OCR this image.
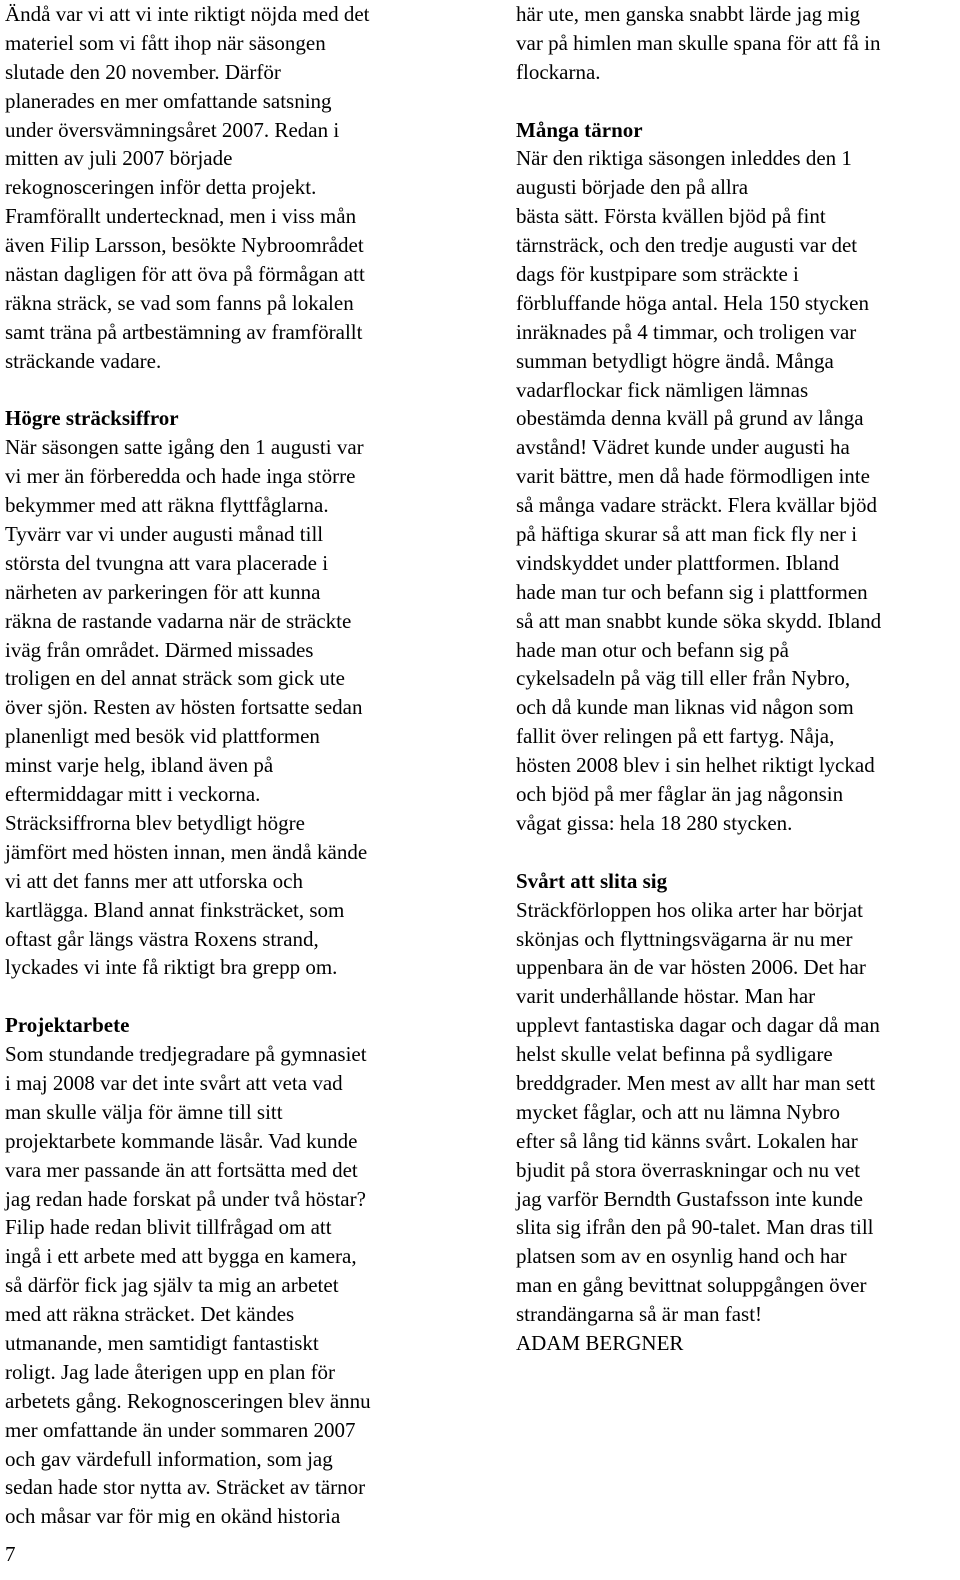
Ändå var vi att vi inte riktigt nöjda med det
materiel som vi fått ihop när säsongen
slutade den 20 november. Därför
planerades en mer omfattande satsning
under översvämningsåret 2007. Redan i
mitten av juli 2007 började
rekognosceringen inför detta projekt.
Framförallt undertecknad, men i viss mån
även Filip Larsson, besökte Nybroområdet
nästan dagligen för att öva på förmågan att
räkna sträck, se vad som fanns på lokalen
samt träna på artbestämning av framförallt
sträckande vadare.
Högre sträcksiffror
När säsongen satte igång den 1 augusti var
vi mer än förberedda och hade inga större
bekymmer med att räkna flyttfåglarna.
Tyvärr var vi under augusti månad till
största del tvungna att vara placerade i
närheten av parkeringen för att kunna
räkna de rastande vadarna när de sträckte
iväg från området. Därmed missades
troligen en del annat sträck som gick ute
över sjön. Resten av hösten fortsatte sedan
planenligt med besök vid plattformen
minst varje helg, ibland även på
eftermiddagar mitt i veckorna.
Sträcksiffrorna blev betydligt högre
jämfört med hösten innan, men ändå kände
vi att det fanns mer att utforska och
kartlägga. Bland annat finksträcket, som
oftast går längs västra Roxens strand,
lyckades vi inte få riktigt bra grepp om.
Projektarbete
Som stundande tredjegradare på gymnasiet
i maj 2008 var det inte svårt att veta vad
man skulle välja för ämne till sitt
projektarbete kommande läsår. Vad kunde
vara mer passande än att fortsätta med det
jag redan hade forskat på under två höstar?
Filip hade redan blivit tillfrågad om att
ingå i ett arbete med att bygga en kamera,
så därför fick jag själv ta mig an arbetet
med att räkna sträcket. Det kändes
utmanande, men samtidigt fantastiskt
roligt. Jag lade återigen upp en plan för
arbetets gång. Rekognosceringen blev ännu
mer omfattande än under sommaren 2007
och gav värdefull information, som jag
sedan hade stor nytta av. Sträcket av tärnor
och måsar var för mig en okänd historia
här ute, men ganska snabbt lärde jag mig
var på himlen man skulle spana för att få in
flockarna.
Många tärnor
När den riktiga säsongen inleddes den 1
augusti började den på allra
bästa sätt. Första kvällen bjöd på fint
tärnsträck, och den tredje augusti var det
dags för kustpipare som sträckte i
förbluffande höga antal. Hela 150 stycken
inräknades på 4 timmar, och troligen var
summan betydligt högre ändå. Många
vadarflockar fick nämligen lämnas
obestämda denna kväll på grund av långa
avstånd! Vädret kunde under augusti ha
varit bättre, men då hade förmodligen inte
så många vadare sträckt. Flera kvällar bjöd
på häftiga skurar så att man fick fly ner i
vindskyddet under plattformen. Ibland
hade man tur och befann sig i plattformen
så att man snabbt kunde söka skydd. Ibland
hade man otur och befann sig på
cykelsadeln på väg till eller från Nybro,
och då kunde man liknas vid någon som
fallit över relingen på ett fartyg. Nåja,
hösten 2008 blev i sin helhet riktigt lyckad
och bjöd på mer fåglar än jag någonsin
vågat gissa: hela 18 280 stycken.
Svårt att slita sig
Sträckförloppen hos olika arter har börjat
skönjas och flyttningsvägarna är nu mer
uppenbara än de var hösten 2006. Det har
varit underhållande höstar. Man har
upplevt fantastiska dagar och dagar då man
helst skulle velat befinna på sydligare
breddgrader. Men mest av allt har man sett
mycket fåglar, och att nu lämna Nybro
efter så lång tid känns svårt. Lokalen har
bjudit på stora överraskningar och nu vet
jag varför Berndth Gustafsson inte kunde
slita sig ifrån den på 90-talet. Man dras till
platsen som av en osynlig hand och har
man en gång bevittnat soluppgången över
strandängarna så är man fast!
ADAM BERGNER
7
